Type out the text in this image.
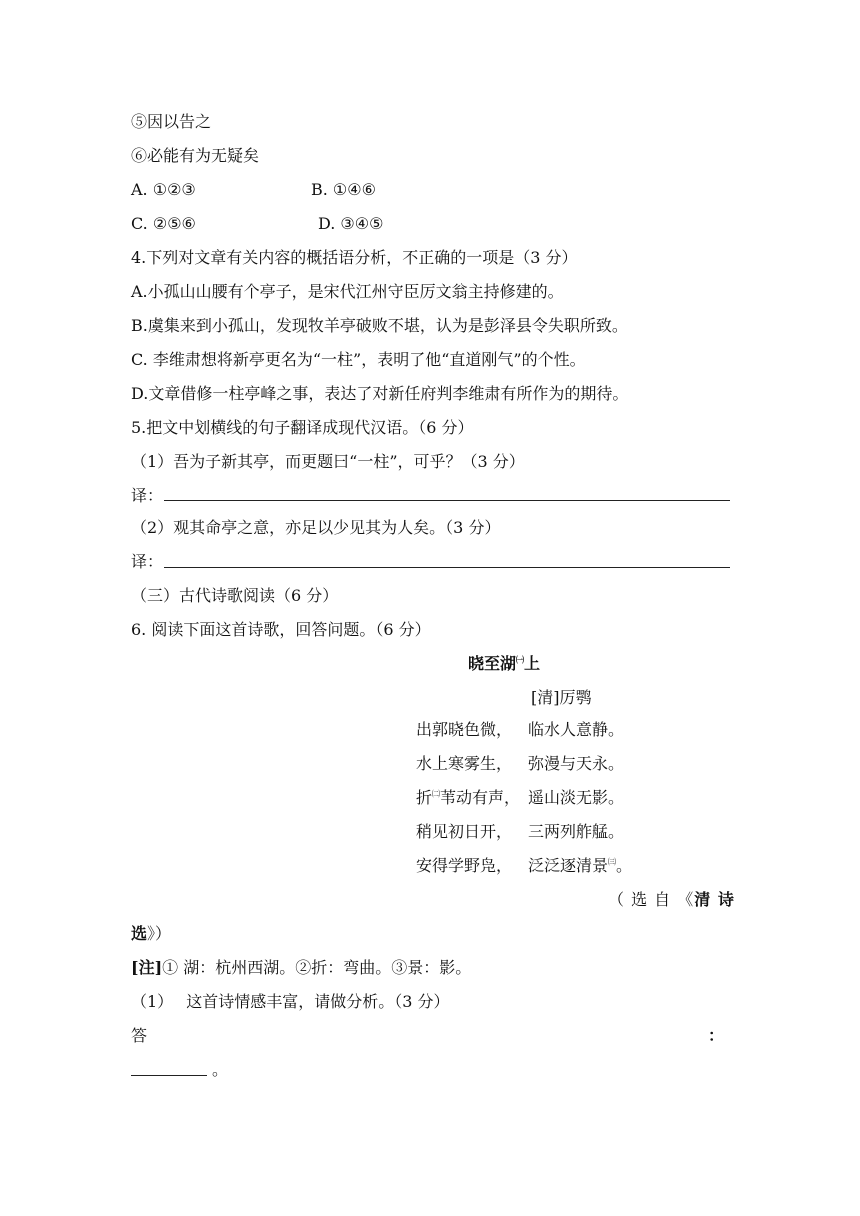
⑤因以告之
⑥必能有为无疑矣
A. ①②③	B. ①④⑥
C. ②⑤⑥	D. ③④⑤
4.下列对文章有关内容的概括语分析，不正确的一项是（3 分）
A.小孤山山腰有个亭子，是宋代江州守臣厉文翁主持修建的。
B.虞集来到小孤山，发现牧羊亭破败不堪，认为是彭泽县令失职所致。
C. 李维肃想将新亭更名为“一柱”，表明了他“直道刚气”的个性。
D.文章借修一柱亭峰之事，表达了对新任府判李维肃有所作为的期待。
5.把文中划横线的句子翻译成现代汉语。（6 分）
（1）吾为子新其亭，而更题曰“一柱”，可乎？（3 分）
译：
（2）观其命亭之意，亦足以少见其为人矣。（3 分）
译：
（三）古代诗歌阅读（6 分）
6. 阅读下面这首诗歌，回答问题。（6 分）
晓至湖$^㈠$上
[清]厉鹗
出郭晓色微， 临水人意静。
水上寒雾生， 弥漫与天永。
折$^㈡$苇动有声， 遥山淡无影。
稍见初日开， 三两列舴艋。
安得学野凫， 泛泛逐清景$^㈢$。
（ 选 自 《清 诗
选》）
[注]① 湖：杭州西湖。②折：弯曲。③景：影。
（1）　 这首诗情感丰富，请做分析。（3 分）
答	：
。
